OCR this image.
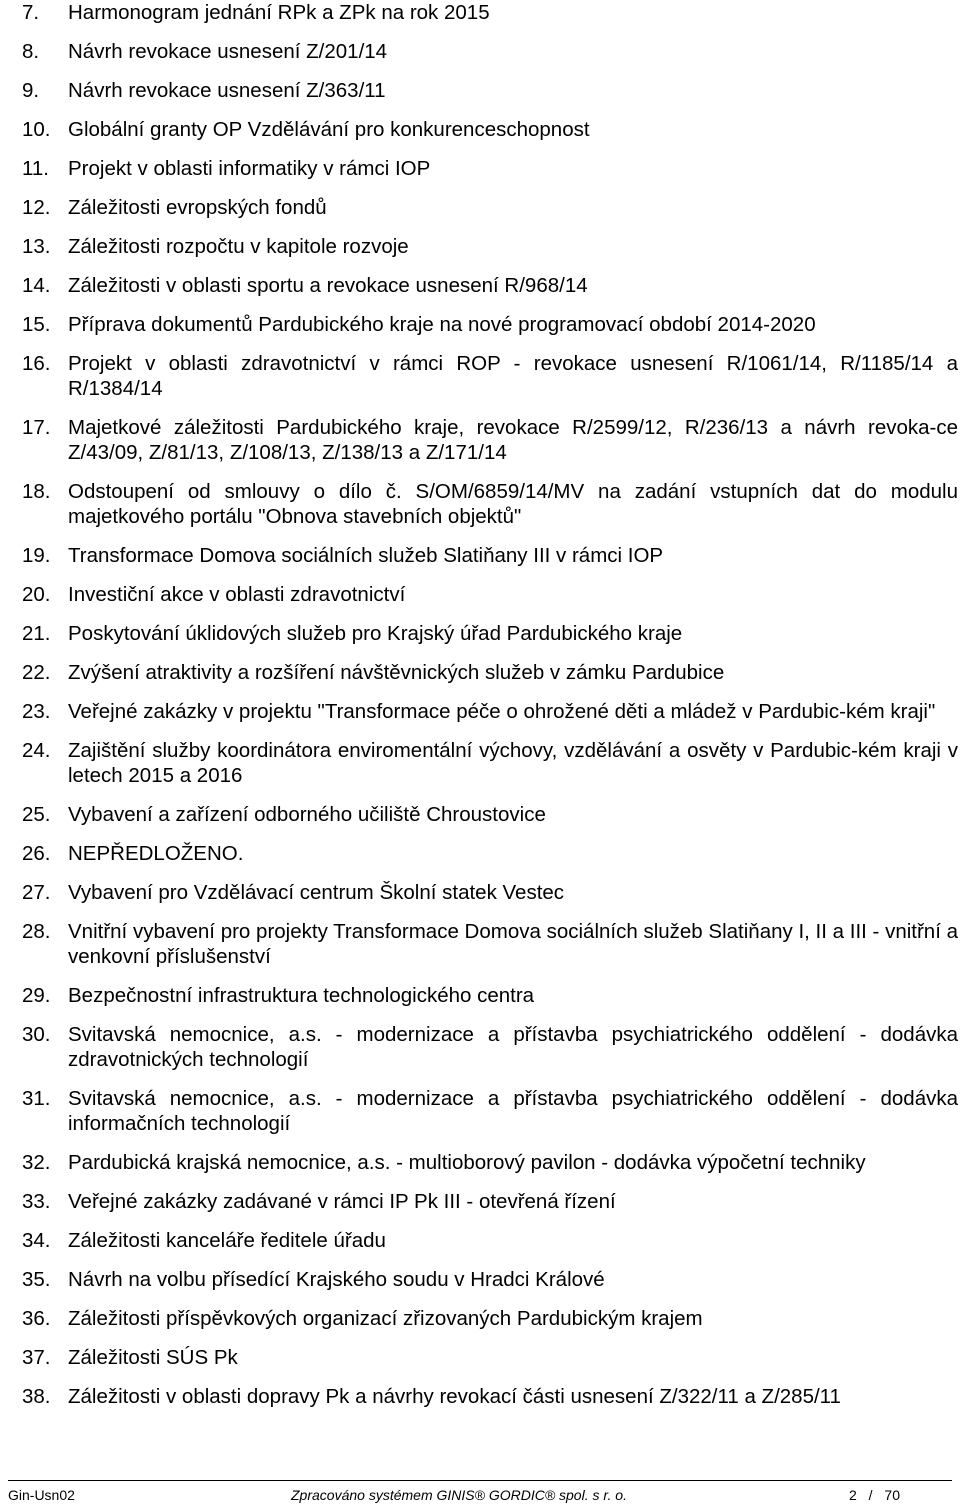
7.	Harmonogram jednání RPk a ZPk na rok 2015
8.	Návrh revokace usnesení Z/201/14
9.	Návrh revokace usnesení Z/363/11
10. Globální granty OP Vzdělávání pro konkurenceschopnost
11. Projekt v oblasti informatiky v rámci IOP
12. Záležitosti evropských fondů
13. Záležitosti rozpočtu v kapitole rozvoje
14. Záležitosti v oblasti sportu a revokace usnesení R/968/14
15. Příprava dokumentů Pardubického kraje na nové programovací období 2014-2020
16. Projekt v oblasti zdravotnictví v rámci ROP - revokace usnesení R/1061/14, R/1185/14 a R/1384/14
17. Majetkové záležitosti Pardubického kraje, revokace R/2599/12, R/236/13 a návrh revoka-ce Z/43/09, Z/81/13, Z/108/13, Z/138/13 a Z/171/14
18. Odstoupení od smlouvy o dílo č. S/OM/6859/14/MV na zadání vstupních dat do modulu majetkového portálu "Obnova stavebních objektů"
19. Transformace Domova sociálních služeb Slatiňany III v rámci IOP
20. Investiční akce v oblasti zdravotnictví
21. Poskytování úklidových služeb pro Krajský úřad Pardubického kraje
22. Zvýšení atraktivity a rozšíření návštěvnických služeb v zámku Pardubice
23. Veřejné zakázky v projektu "Transformace péče o ohrožené děti a mládež v Pardubic-kém kraji"
24. Zajištění služby koordinátora enviromentální výchovy, vzdělávání a osvěty v Pardubic-kém kraji v letech 2015 a 2016
25. Vybavení a zařízení odborného učiliště Chroustovice
26. NEPŘEDLOŽENO.
27. Vybavení pro Vzdělávací centrum Školní statek Vestec
28. Vnitřní vybavení pro projekty Transformace Domova sociálních služeb Slatiňany I, II a III - vnitřní a venkovní příslušenství
29. Bezpečnostní infrastruktura technologického centra
30. Svitavská nemocnice, a.s. - modernizace a přístavba psychiatrického oddělení - dodávka zdravotnických technologií
31. Svitavská nemocnice, a.s. - modernizace a přístavba psychiatrického oddělení - dodávka informačních technologií
32. Pardubická krajská nemocnice, a.s. - multioborový pavilon - dodávka výpočetní techniky
33. Veřejné zakázky zadávané v rámci IP Pk III - otevřená řízení
34. Záležitosti kanceláře ředitele úřadu
35. Návrh na volbu přísedící Krajského soudu v Hradci Králové
36. Záležitosti příspěvkových organizací zřizovaných Pardubickým krajem
37. Záležitosti SÚS Pk
38. Záležitosti v oblasti dopravy Pk a návrhy revokací části usnesení Z/322/11 a Z/285/11
Gin-Usn02	Zpracováno systémem GINIS® GORDIC® spol. s r. o.	2 / 70
